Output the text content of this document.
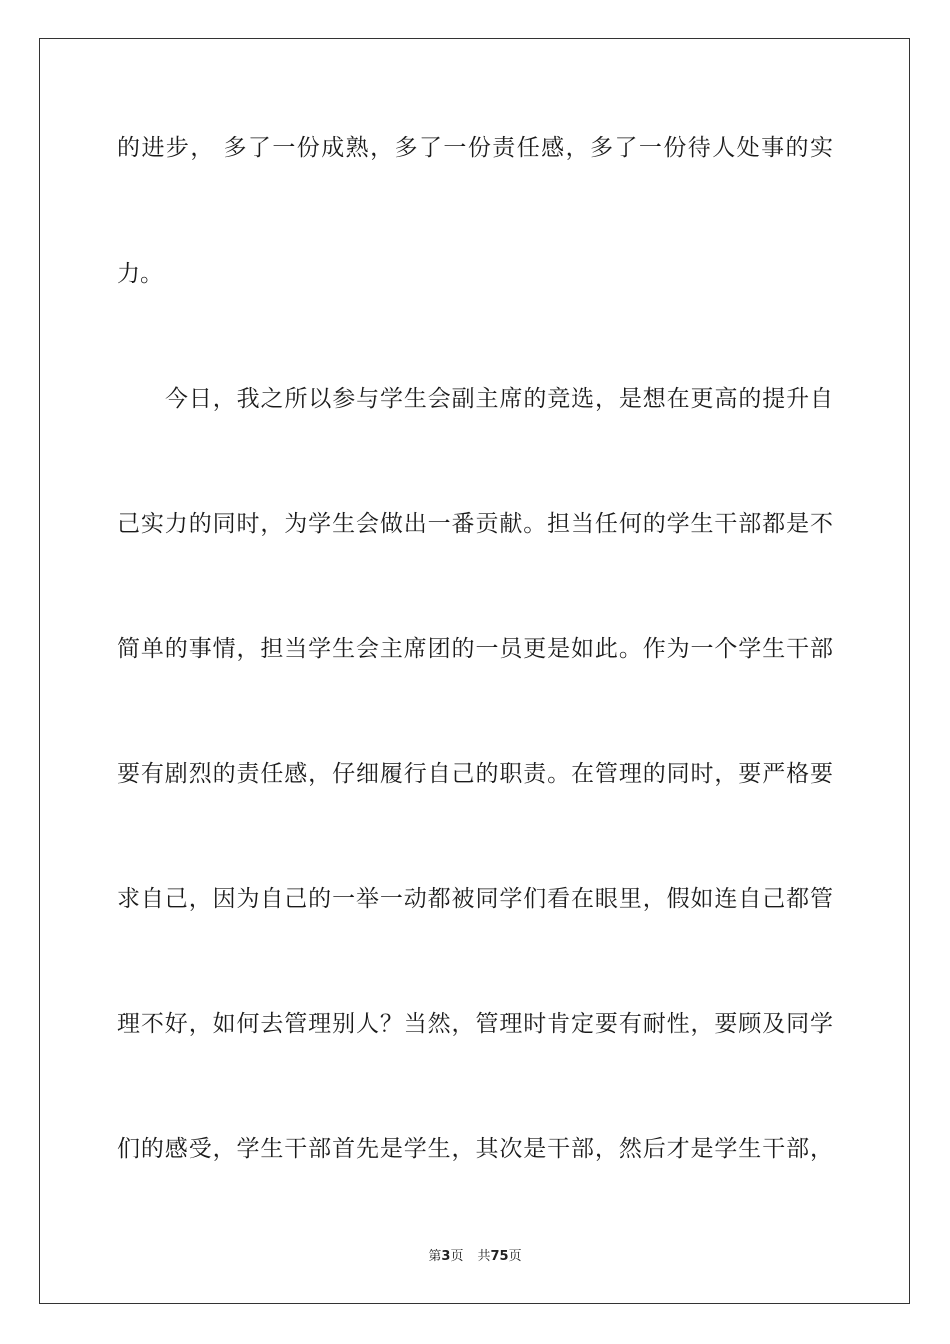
的进步， 多了一份成熟，多了一份责任感，多了一份待人处事的实
力。
今日，我之所以参与学生会副主席的竞选，是想在更高的提升自
己实力的同时，为学生会做出一番贡献。担当任何的学生干部都是不
简单的事情，担当学生会主席团的一员更是如此。作为一个学生干部
要有剧烈的责任感，仔细履行自己的职责。在管理的同时，要严格要
求自己，因为自己的一举一动都被同学们看在眼里，假如连自己都管
理不好，如何去管理别人？当然，管理时肯定要有耐性，要顾及同学
们的感受，学生干部首先是学生，其次是干部，然后才是学生干部，
第3页 共75页
